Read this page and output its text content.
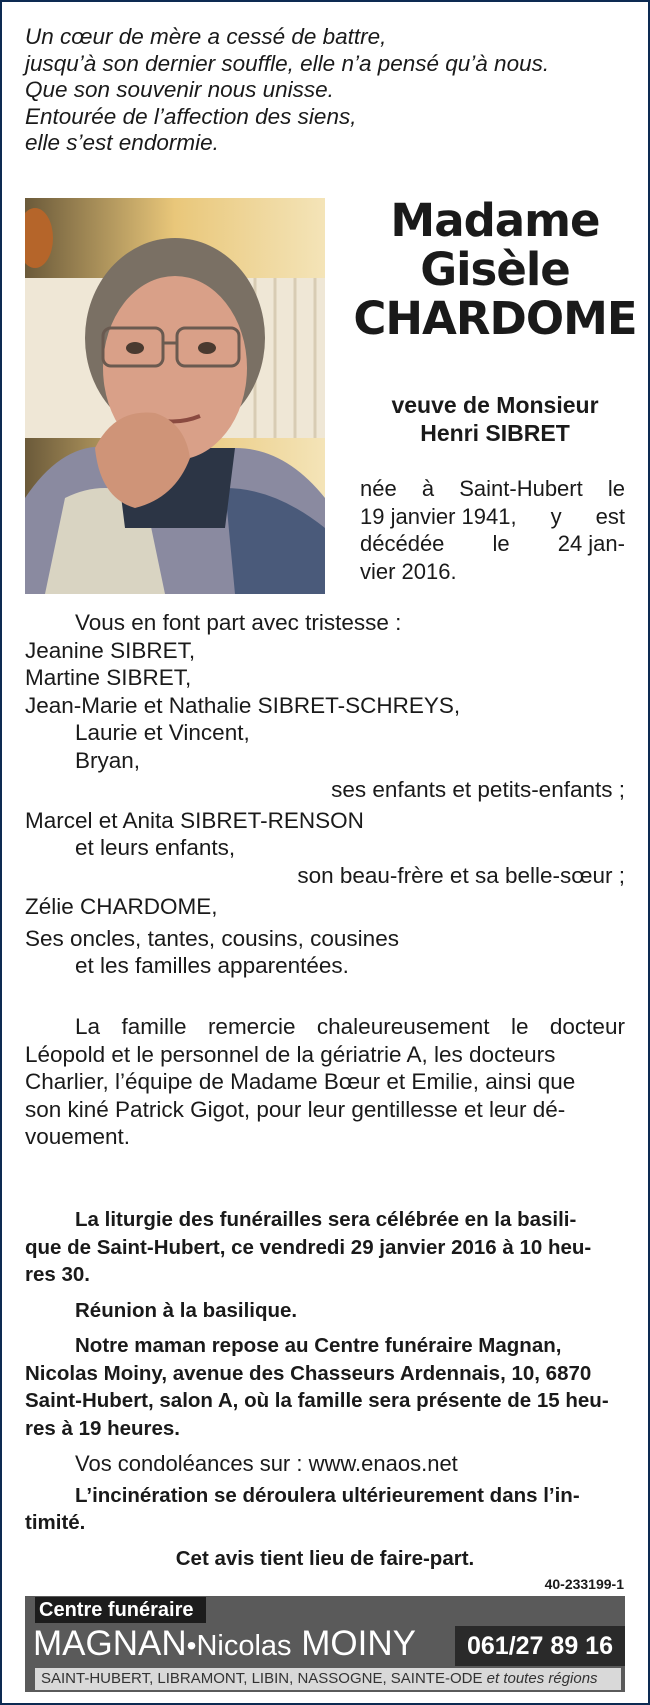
Un cœur de mère a cessé de battre,
jusqu’à son dernier souffle, elle n’a pensé qu’à nous.
Que son souvenir nous unisse.
Entourée de l’affection des siens,
elle s’est endormie.
Madame
Gisèle
CHARDOME
veuve de Monsieur
Henri SIBRET
née à Saint-Hubert le
19 janvier 1941, y est
décédée le 24 jan-
vier 2016.
Vous en font part avec tristesse :
Jeanine SIBRET,
Martine SIBRET,
Jean-Marie et Nathalie SIBRET-SCHREYS,
Laurie et Vincent,
Bryan,
ses enfants et petits-enfants ;
Marcel et Anita SIBRET-RENSON
et leurs enfants,
son beau-frère et sa belle-sœur ;
Zélie CHARDOME,
Ses oncles, tantes, cousins, cousines
et les familles apparentées.
La famille remercie chaleureusement le docteur
Léopold et le personnel de la gériatrie A, les docteurs
Charlier, l’équipe de Madame Bœur et Emilie, ainsi que
son kiné Patrick Gigot, pour leur gentillesse et leur dé-
vouement.
La liturgie des funérailles sera célébrée en la basili-
que de Saint-Hubert, ce vendredi 29 janvier 2016 à 10 heu-
res 30.
Réunion à la basilique.
Notre maman repose au Centre funéraire Magnan,
Nicolas Moiny, avenue des Chasseurs Ardennais, 10, 6870
Saint-Hubert, salon A, où la famille sera présente de 15 heu-
res à 19 heures.
Vos condoléances sur : www.enaos.net
L’incinération se déroulera ultérieurement dans l’in-
timité.
Cet avis tient lieu de faire-part.
40-233199-1
Centre funéraire
MAGNAN•Nicolas MOINY	061/27 89 16
SAINT-HUBERT, LIBRAMONT, LIBIN, NASSOGNE, SAINTE-ODE et toutes régions
